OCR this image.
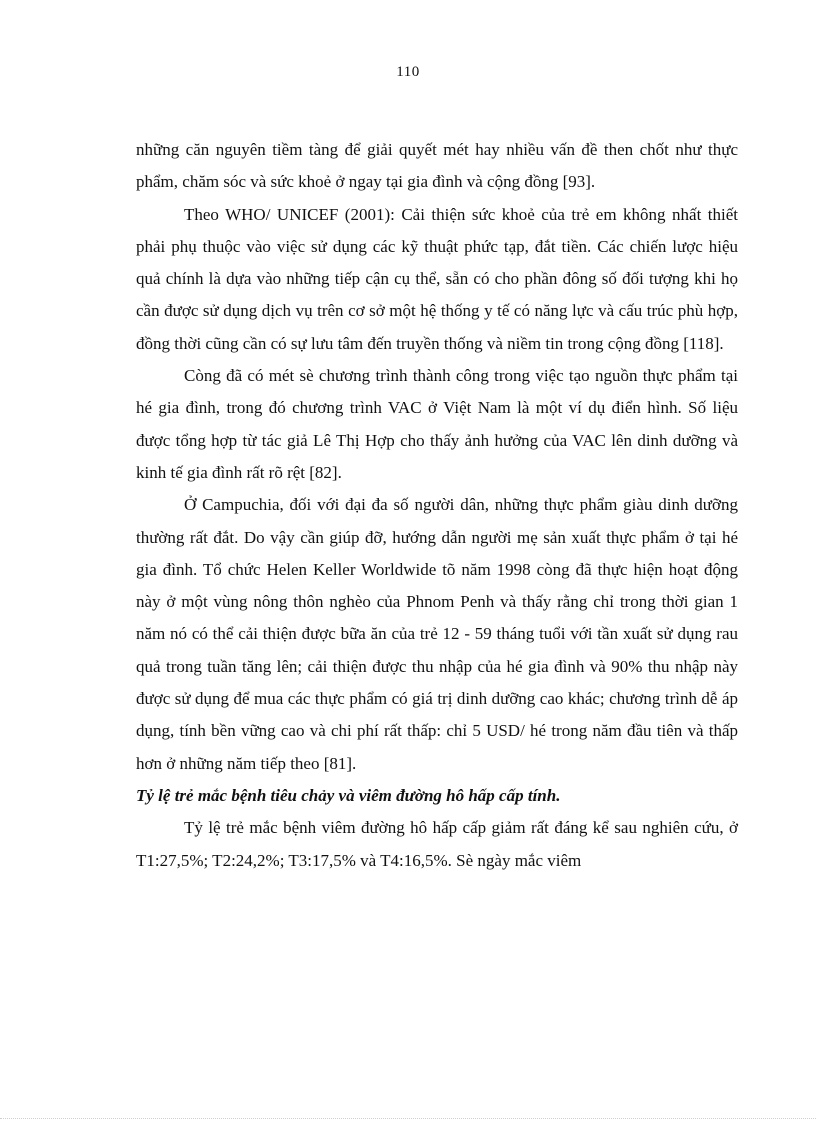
110

những căn nguyên tiềm tàng để giải quyết mét hay nhiều vấn đề then chốt như thực phẩm, chăm sóc và sức khoẻ ở ngay tại gia đình và cộng đồng [93].

Theo WHO/ UNICEF (2001): Cải thiện sức khoẻ của trẻ em không nhất thiết phải phụ thuộc vào việc sử dụng các kỹ thuật phức tạp, đắt tiền. Các chiến lược hiệu quả chính là dựa vào những tiếp cận cụ thể, sẵn có cho phần đông số đối tượng khi họ cần được sử dụng dịch vụ trên cơ sở một hệ thống y tế có năng lực và cấu trúc phù hợp, đồng thời cũng cần có sự lưu tâm đến truyền thống và niềm tin trong cộng đồng [118].

Còng đã có mét sè chương trình thành công trong việc tạo nguồn thực phẩm tại hé gia đình, trong đó chương trình VAC ở Việt Nam là một ví dụ điển hình. Số liệu được tổng hợp từ tác giả Lê Thị Hợp cho thấy ảnh hưởng của VAC lên dinh dưỡng và kinh tế gia đình rất rõ rệt [82].

Ở Campuchia, đối với đại đa số người dân, những thực phẩm giàu dinh dưỡng thường rất đắt. Do vậy cần giúp đỡ, hướng dẫn người mẹ sản xuất thực phẩm ở tại hé gia đình. Tổ chức Helen Keller Worldwide tõ năm 1998 còng đã thực hiện hoạt động này ở một vùng nông thôn nghèo của Phnom Penh và thấy rằng chỉ trong thời gian 1 năm nó có thể cải thiện được bữa ăn của trẻ 12 - 59 tháng tuổi với tần xuất sử dụng rau quả trong tuần tăng lên; cải thiện được thu nhập của hé gia đình và 90% thu nhập này được sử dụng để mua các thực phẩm có giá trị dinh dưỡng cao khác; chương trình dễ áp dụng, tính bền vững cao và chi phí rất thấp: chỉ 5 USD/ hé trong năm đầu tiên và thấp hơn ở những năm tiếp theo [81].

Tỷ lệ trẻ mắc bệnh tiêu chảy và viêm đường hô hấp cấp tính.

Tỷ lệ trẻ mắc bệnh viêm đường hô hấp cấp giảm rất đáng kể sau nghiên cứu, ở T1:27,5%; T2:24,2%; T3:17,5% và T4:16,5%. Sè ngày mắc viêm
